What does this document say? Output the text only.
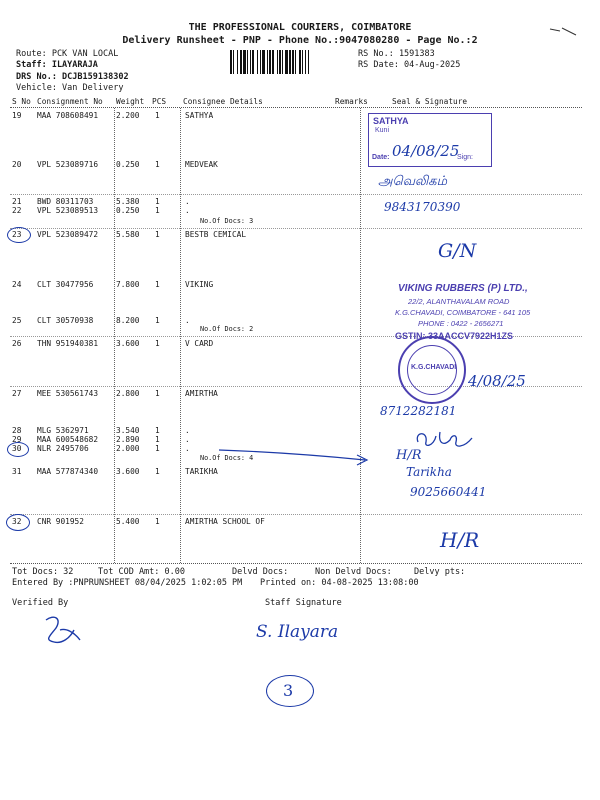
THE PROFESSIONAL COURIERS, COIMBATORE
Delivery Runsheet - PNP - Phone No.:9047080280 - Page No.:2
Route: PCK VAN LOCAL
Staff: ILAYARAJA
DRS No.: DCJB159138302
Vehicle: Van Delivery
RS No.: 1591383
RS Date: 04-Aug-2025
S No Consignment No Weight PCS Consignee Details	Remarks	Seal & Signature
19 MAA 708608491 2.200 1	SATHYA
20 VPL 523089716 0.250 1	MEDVEAK
21 BWD 80311703	5.380 1	.
22 VPL 523089513 0.250 1	.
No.Of Docs: 3
23 VPL 523089472 5.580 1	BESTB CEMICAL
24 CLT 30477956	7.800 1	VIKING
25 CLT 30570938	8.200 1	.
No.Of Docs: 2
26 THN 951940381 3.600 1	V CARD
27 MEE 530561743 2.800 1	AMIRTHA
28 MLG 5362971	3.540 1	.
29 MAA 600548682 2.890 1	.
30 NLR 2495706	2.000 1	.
No.Of Docs: 4
31 MAA 577874340 3.600 1	TARIKHA
32 CNR 901952	5.400 1	AMIRTHA SCHOOL OF
Tot Docs: 32	Tot COD Amt: 0.00	Delvd Docs:	Non Delvd Docs:	Delvy pts:
Entered By :PNPRUNSHEET 08/04/2025 1:02:05 PM Printed on: 04-08-2025 13:08:00
Verified By	Staff Signature
SATHYA
Kuni
Date:	Sign:
04/08/25
அவெலிகம்
9843170390
G/N
VIKING RUBBERS (P) LTD.,
22/2, ALANTHAVALAM ROAD
K.G.CHAVADI, COIMBATORE - 641 105
PHONE : 0422 - 2656271
GSTIN: 33AACCV7922H1ZS
K.G.CHAVADI
4/08/25
8712282181
H/R
Tarikha
9025660441
H/R
S. Ilayara
3
